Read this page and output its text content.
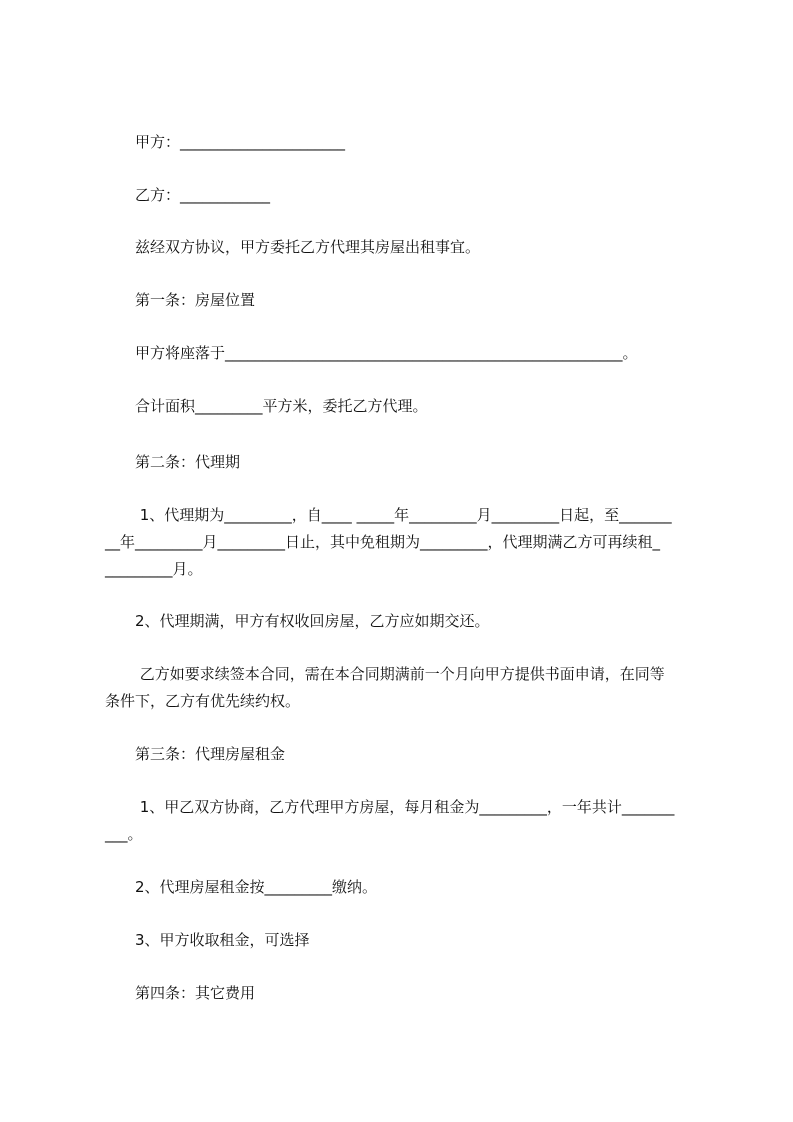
甲方：______________________
乙方：____________
兹经双方协议，甲方委托乙方代理其房屋出租事宜。
第一条：房屋位置
甲方将座落于_____________________________________________________。
合计面积_________平方米，委托乙方代理。
第二条：代理期
1、代理期为_________，自____ _____年_________月_________日起，至_______
__年_________月_________日止，其中免租期为_________，代理期满乙方可再续租_
_________月。
2、代理期满，甲方有权收回房屋，乙方应如期交还。
乙方如要求续签本合同，需在本合同期满前一个月向甲方提供书面申请，在同等
条件下，乙方有优先续约权。
第三条：代理房屋租金
1、甲乙双方协商，乙方代理甲方房屋，每月租金为_________，一年共计_______
___。
2、代理房屋租金按_________缴纳。
3、甲方收取租金，可选择
第四条：其它费用
